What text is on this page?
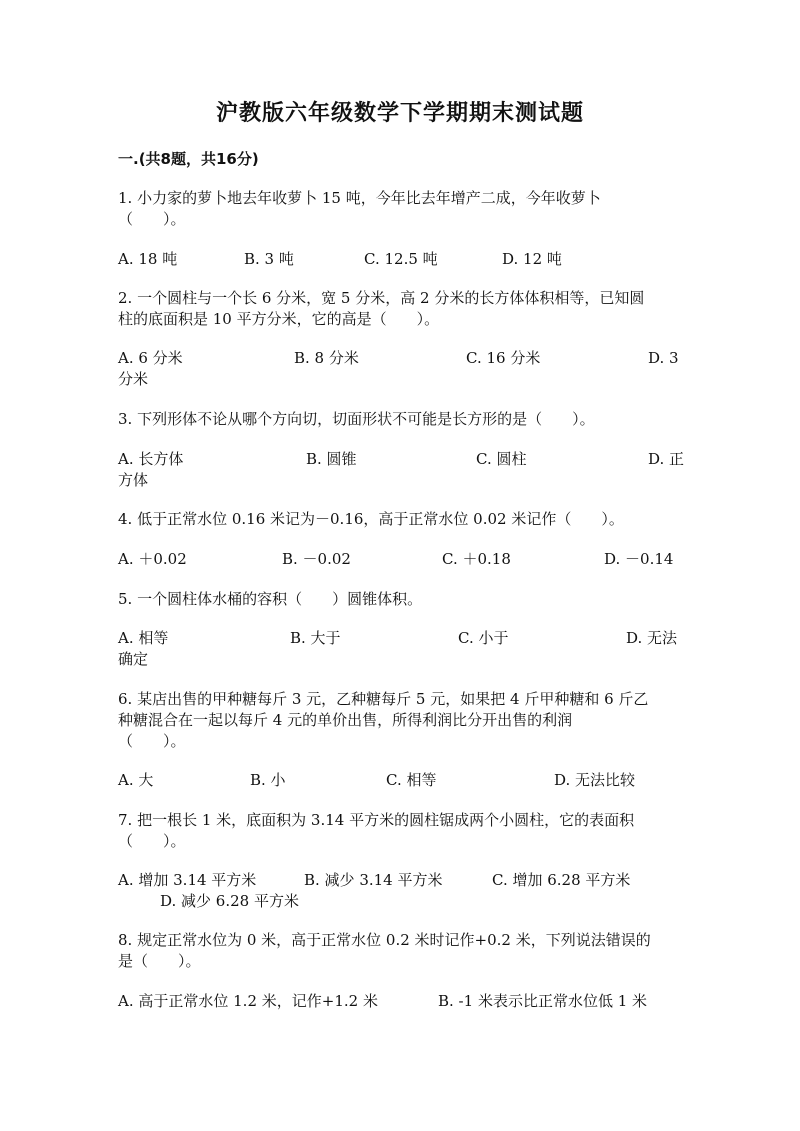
沪教版六年级数学下学期期末测试题
一.(共8题，共16分)
1. 小力家的萝卜地去年收萝卜 15 吨，今年比去年增产二成，今年收萝卜
（　　）。
A. 18 吨	B. 3 吨	C. 12.5 吨	D. 12 吨
2. 一个圆柱与一个长 6 分米，宽 5 分米，高 2 分米的长方体体积相等，已知圆
柱的底面积是 10 平方分米，它的高是（　　）。
A. 6 分米	B. 8 分米	C. 16 分米	D. 3
分米
3. 下列形体不论从哪个方向切，切面形状不可能是长方形的是（　　）。
A. 长方体	B. 圆锥	C. 圆柱	D. 正
方体
4. 低于正常水位 0.16 米记为－0.16，高于正常水位 0.02 米记作（　　）。
A. ＋0.02	B. －0.02	C. ＋0.18	D. －0.14
5. 一个圆柱体水桶的容积（　　）圆锥体积。
A. 相等	B. 大于	C. 小于	D. 无法
确定
6. 某店出售的甲种糖每斤 3 元，乙种糖每斤 5 元，如果把 4 斤甲种糖和 6 斤乙
种糖混合在一起以每斤 4 元的单价出售，所得利润比分开出售的利润
（　　）。
A. 大	B. 小	C. 相等	D. 无法比较
7. 把一根长 1 米，底面积为 3.14 平方米的圆柱锯成两个小圆柱，它的表面积
（　　）。
A. 增加 3.14 平方米	B. 减少 3.14 平方米	C. 增加 6.28 平方米
D. 减少 6.28 平方米
8. 规定正常水位为 0 米，高于正常水位 0.2 米时记作+0.2 米，下列说法错误的
是（　　）。
A. 高于正常水位 1.2 米，记作+1.2 米	B. -1 米表示比正常水位低 1 米
